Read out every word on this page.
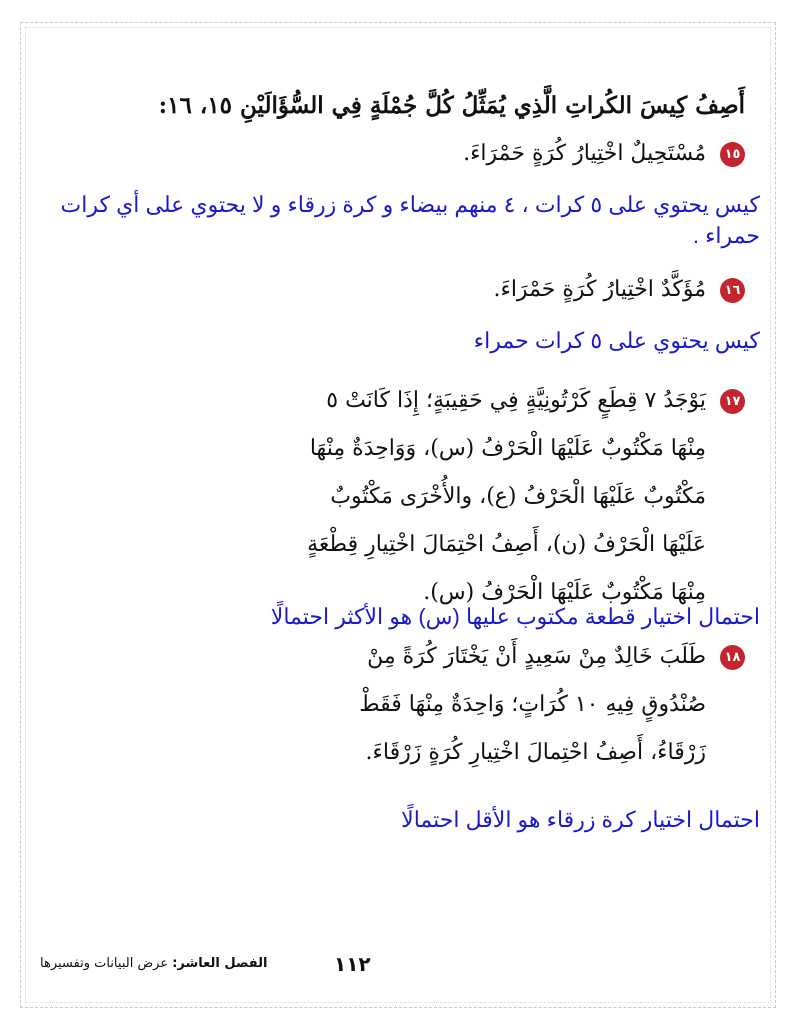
أَصِفُ كِيسَ الكُراتِ الَّذِي يُمَثِّلُ كُلَّ جُمْلَةٍ فِي السُّؤَالَيْنِ ١٥، ١٦:
١٥
مُسْتَحِيلٌ اخْتِيارُ كُرَةٍ حَمْرَاءَ.
كيس يحتوي على ٥ كرات ، ٤ منهم بيضاء و كرة زرقاء و لا يحتوي على أي كرات حمراء .
١٦
مُؤَكَّدٌ اخْتِيارُ كُرَةٍ حَمْرَاءَ.
كيس يحتوي على ٥ كرات حمراء
١٧
يَوْجَدُ ٧ قِطَعٍ كَرْتُونِيَّةٍ فِي حَقِيبَةٍ؛ إِذَا كَانَتْ ٥ مِنْهَا مَكْتُوبٌ عَلَيْهَا الْحَرْفُ (س)، وَوَاحِدَةٌ مِنْهَا مَكْتُوبٌ عَلَيْهَا الْحَرْفُ (ع)، والأُخْرَى مَكْتُوبٌ عَلَيْهَا الْحَرْفُ (ن)، أَصِفُ احْتِمَالَ اخْتِيارِ قِطْعَةٍ مِنْهَا مَكْتُوبٌ عَلَيْهَا الْحَرْفُ (س).
احتمال اختيار قطعة مكتوب عليها (س) هو الأكثر احتمالًا
١٨
طَلَبَ خَالِدٌ مِنْ سَعِيدٍ أَنْ يَخْتَارَ كُرَةً مِنْ صُنْدُوقٍ فِيهِ ١٠ كُرَاتٍ؛ وَاحِدَةٌ مِنْهَا فَقَطْ زَرْقَاءُ، أَصِفُ احْتِمالَ اخْتِيارِ كُرَةٍ زَرْقَاءَ.
احتمال اختيار كرة زرقاء هو الأقل احتمالًا
١١٢
الفصل العاشر: عرض البيانات وتفسيرها
